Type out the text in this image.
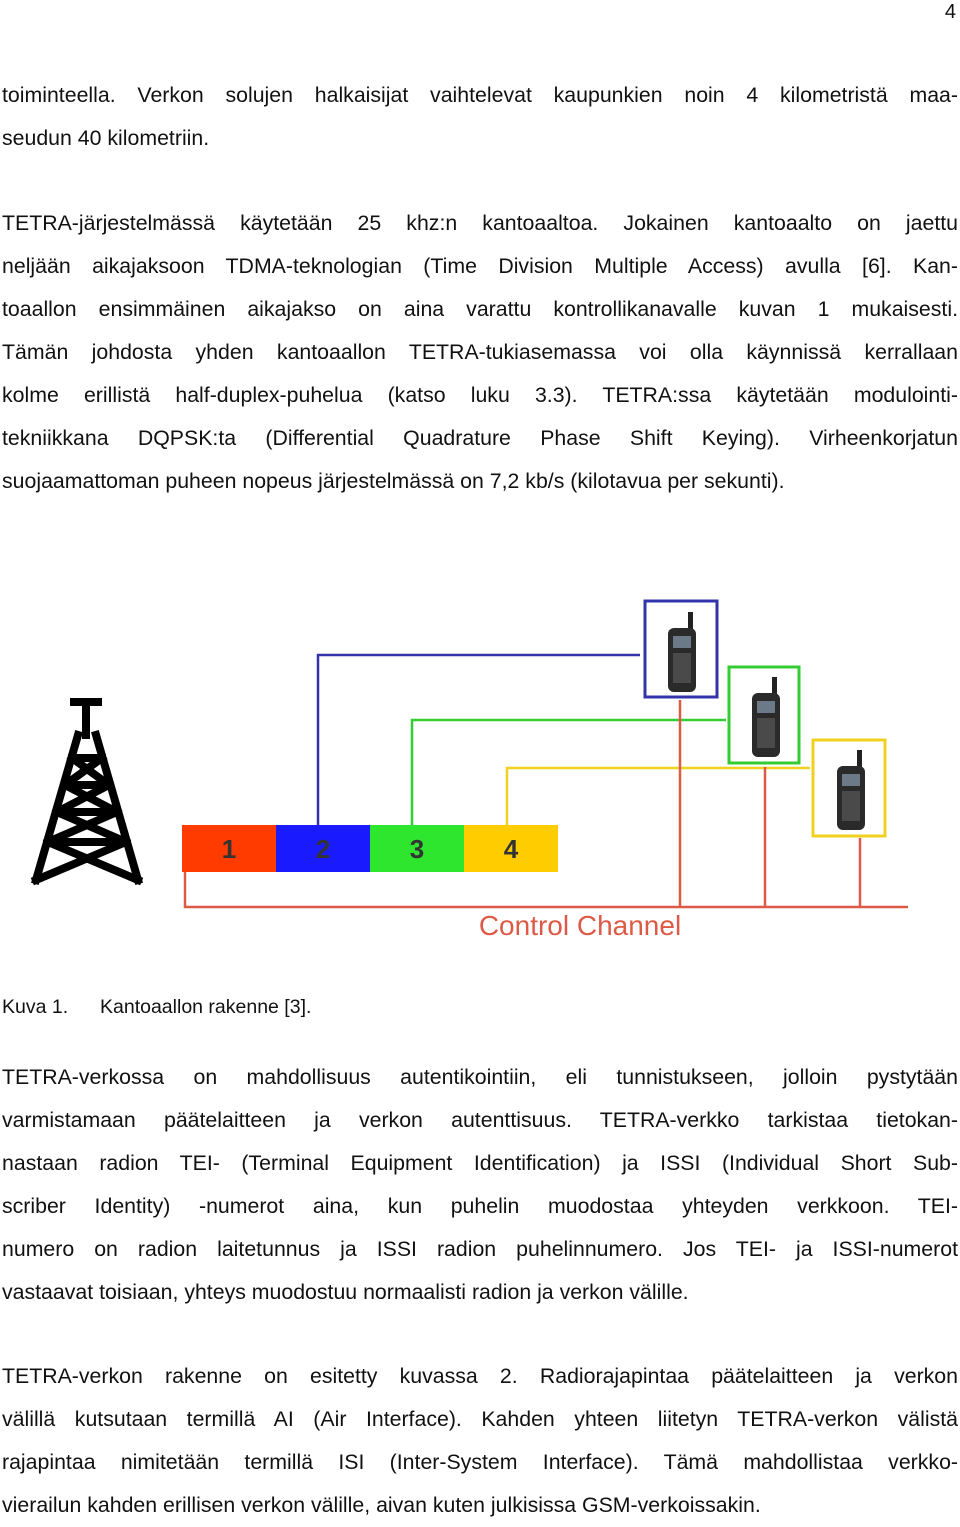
4
toiminteella. Verkon solujen halkaisijat vaihtelevat kaupunkien noin 4 kilometristä maa-
seudun 40 kilometriin.
TETRA-järjestelmässä käytetään 25 khz:n kantoaaltoa. Jokainen kantoaalto on jaettu
neljään aikajaksoon TDMA-teknologian (Time Division Multiple Access) avulla [6]. Kan-
toaallon ensimmäinen aikajakso on aina varattu kontrollikanavalle kuvan 1 mukaisesti.
Tämän johdosta yhden kantoaallon TETRA-tukiasemassa voi olla käynnissä kerrallaan
kolme erillistä half-duplex-puhelua (katso luku 3.3). TETRA:ssa käytetään modulointi-
tekniikkana DQPSK:ta (Differential Quadrature Phase Shift Keying). Virheenkorjatun
suojaamattoman puheen nopeus järjestelmässä on 7,2 kb/s (kilotavua per sekunti).
1	2	3	4
Control Channel
Kuva 1. Kantoaallon rakenne [3].
TETRA-verkossa on mahdollisuus autentikointiin, eli tunnistukseen, jolloin pystytään
varmistamaan päätelaitteen ja verkon autenttisuus. TETRA-verkko tarkistaa tietokan-
nastaan radion TEI- (Terminal Equipment Identification) ja ISSI (Individual Short Sub-
scriber Identity) -numerot aina, kun puhelin muodostaa yhteyden verkkoon. TEI-
numero on radion laitetunnus ja ISSI radion puhelinnumero. Jos TEI- ja ISSI-numerot
vastaavat toisiaan, yhteys muodostuu normaalisti radion ja verkon välille.
TETRA-verkon rakenne on esitetty kuvassa 2. Radiorajapintaa päätelaitteen ja verkon
välillä kutsutaan termillä AI (Air Interface). Kahden yhteen liitetyn TETRA-verkon välistä
rajapintaa nimitetään termillä ISI (Inter-System Interface). Tämä mahdollistaa verkko-
vierailun kahden erillisen verkon välille, aivan kuten julkisissa GSM-verkoissakin.
